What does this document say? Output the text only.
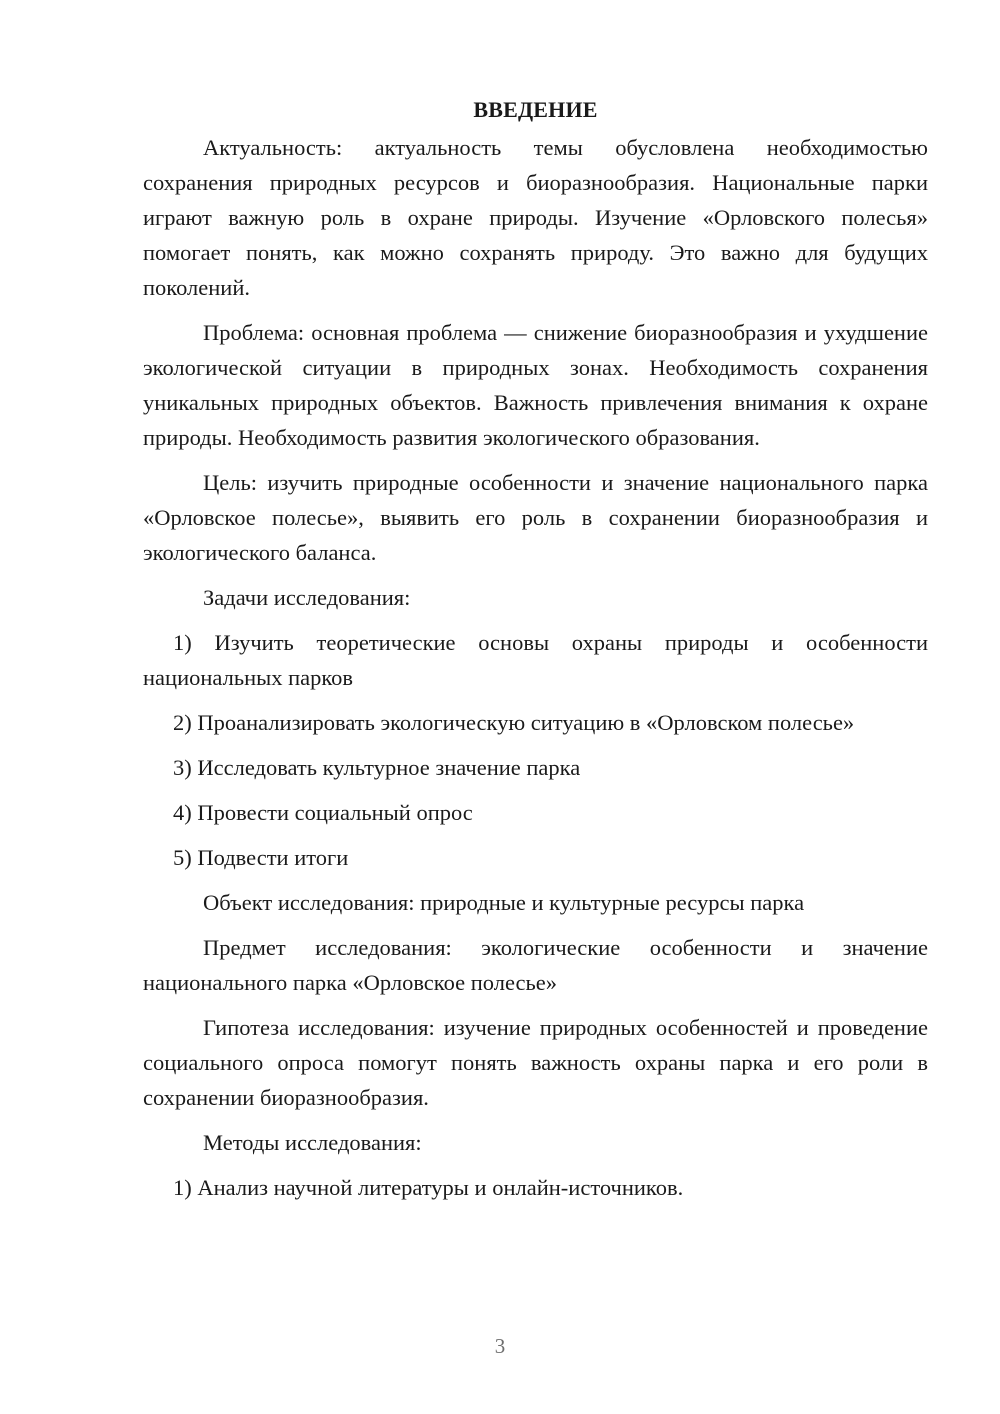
ВВЕДЕНИЕ

Актуальность: актуальность темы обусловлена необходимостью сохранения природных ресурсов и биоразнообразия. Национальные парки играют важную роль в охране природы. Изучение «Орловского полесья» помогает понять, как можно сохранять природу. Это важно для будущих поколений.

Проблема: основная проблема — снижение биоразнообразия и ухудшение экологической ситуации в природных зонах. Необходимость сохранения уникальных природных объектов. Важность привлечения внимания к охране природы. Необходимость развития экологического образования.

Цель: изучить природные особенности и значение национального парка «Орловское полесье», выявить его роль в сохранении биоразнообразия и экологического баланса.

Задачи исследования:

1) Изучить теоретические основы охраны природы и особенности национальных парков

2) Проанализировать экологическую ситуацию в «Орловском полесье»

3) Исследовать культурное значение парка

4) Провести социальный опрос

5) Подвести итоги

Объект исследования: природные и культурные ресурсы парка

Предмет исследования: экологические особенности и значение национального парка «Орловское полесье»

Гипотеза исследования: изучение природных особенностей и проведение социального опроса помогут понять важность охраны парка и его роли в сохранении биоразнообразия.

Методы исследования:

1) Анализ научной литературы и онлайн-источников.

3
